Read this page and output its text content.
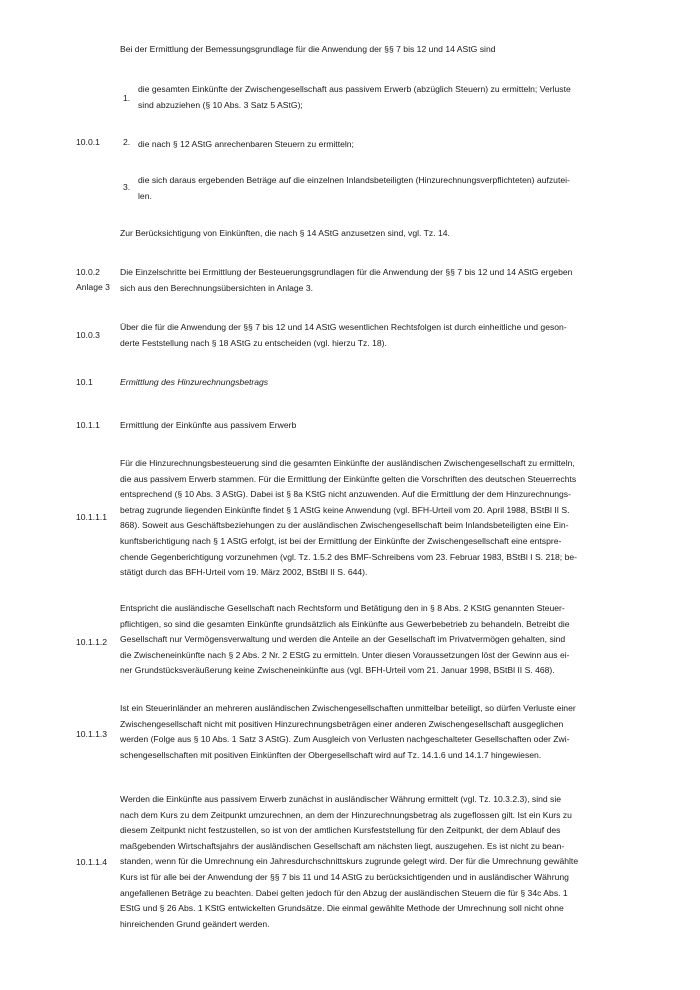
Bei der Ermittlung der Bemessungsgrundlage für die Anwendung der §§ 7 bis 12 und 14 AStG sind
1.
die gesamten Einkünfte der Zwischengesellschaft aus passivem Erwerb (abzüglich Steuern) zu ermitteln; Verluste
sind abzuziehen (§ 10 Abs. 3 Satz 5 AStG);
10.0.1	2. die nach § 12 AStG anrechenbaren Steuern zu ermitteln;
3.
die sich daraus ergebenden Beträge auf die einzelnen Inlandsbeteiligten (Hinzurechnungsverpflichteten) aufzutei-
len.
Zur Berücksichtigung von Einkünften, die nach § 14 AStG anzusetzen sind, vgl. Tz. 14.
10.0.2
Anlage 3
Die Einzelschritte bei Ermittlung der Besteuerungsgrundlagen für die Anwendung der §§ 7 bis 12 und 14 AStG ergeben
sich aus den Berechnungsübersichten in Anlage 3.
10.0.3
Über die für die Anwendung der §§ 7 bis 12 und 14 AStG wesentlichen Rechtsfolgen ist durch einheitliche und geson-
derte Feststellung nach § 18 AStG zu entscheiden (vgl. hierzu Tz. 18).
10.1	Ermittlung des Hinzurechnungsbetrags
10.1.1 Ermittlung der Einkünfte aus passivem Erwerb
10.1.1.1
Für die Hinzurechnungsbesteuerung sind die gesamten Einkünfte der ausländischen Zwischengesellschaft zu ermitteln,
die aus passivem Erwerb stammen. Für die Ermittlung der Einkünfte gelten die Vorschriften des deutschen Steuerrechts
entsprechend (§ 10 Abs. 3 AStG). Dabei ist § 8a KStG nicht anzuwenden. Auf die Ermittlung der dem Hinzurechnungs-
betrag zugrunde liegenden Einkünfte findet § 1 AStG keine Anwendung (vgl. BFH-Urteil vom 20. April 1988, BStBl II S.
868). Soweit aus Geschäftsbeziehungen zu der ausländischen Zwischengesellschaft beim Inlandsbeteiligten eine Ein-
kunftsberichtigung nach § 1 AStG erfolgt, ist bei der Ermittlung der Einkünfte der Zwischengesellschaft eine entspre-
chende Gegenberichtigung vorzunehmen (vgl. Tz. 1.5.2 des BMF-Schreibens vom 23. Februar 1983, BStBl I S. 218; be-
stätigt durch das BFH-Urteil vom 19. März 2002, BStBl II S. 644).
10.1.1.2
Entspricht die ausländische Gesellschaft nach Rechtsform und Betätigung den in § 8 Abs. 2 KStG genannten Steuer-
pflichtigen, so sind die gesamten Einkünfte grundsätzlich als Einkünfte aus Gewerbebetrieb zu behandeln. Betreibt die
Gesellschaft nur Vermögensverwaltung und werden die Anteile an der Gesellschaft im Privatvermögen gehalten, sind
die Zwischeneinkünfte nach § 2 Abs. 2 Nr. 2 EStG zu ermitteln. Unter diesen Voraussetzungen löst der Gewinn aus ei-
ner Grundstücksveräußerung keine Zwischeneinkünfte aus (vgl. BFH-Urteil vom 21. Januar 1998, BStBl II S. 468).
10.1.1.3
Ist ein Steuerinländer an mehreren ausländischen Zwischengesellschaften unmittelbar beteiligt, so dürfen Verluste einer
Zwischengesellschaft nicht mit positiven Hinzurechnungsbeträgen einer anderen Zwischengesellschaft ausgeglichen
werden (Folge aus § 10 Abs. 1 Satz 3 AStG). Zum Ausgleich von Verlusten nachgeschalteter Gesellschaften oder Zwi-
schengesellschaften mit positiven Einkünften der Obergesellschaft wird auf Tz. 14.1.6 und 14.1.7 hingewiesen.
10.1.1.4
Werden die Einkünfte aus passivem Erwerb zunächst in ausländischer Währung ermittelt (vgl. Tz. 10.3.2.3), sind sie
nach dem Kurs zu dem Zeitpunkt umzurechnen, an dem der Hinzurechnungsbetrag als zugeflossen gilt. Ist ein Kurs zu
diesem Zeitpunkt nicht festzustellen, so ist von der amtlichen Kursfeststellung für den Zeitpunkt, der dem Ablauf des
maßgebenden Wirtschaftsjahrs der ausländischen Gesellschaft am nächsten liegt, auszugehen. Es ist nicht zu bean-
standen, wenn für die Umrechnung ein Jahresdurchschnittskurs zugrunde gelegt wird. Der für die Umrechnung gewählte
Kurs ist für alle bei der Anwendung der §§ 7 bis 11 und 14 AStG zu berücksichtigenden und in ausländischer Währung
angefallenen Beträge zu beachten. Dabei gelten jedoch für den Abzug der ausländischen Steuern die für § 34c Abs. 1
EStG und § 26 Abs. 1 KStG entwickelten Grundsätze. Die einmal gewählte Methode der Umrechnung soll nicht ohne
hinreichenden Grund geändert werden.
